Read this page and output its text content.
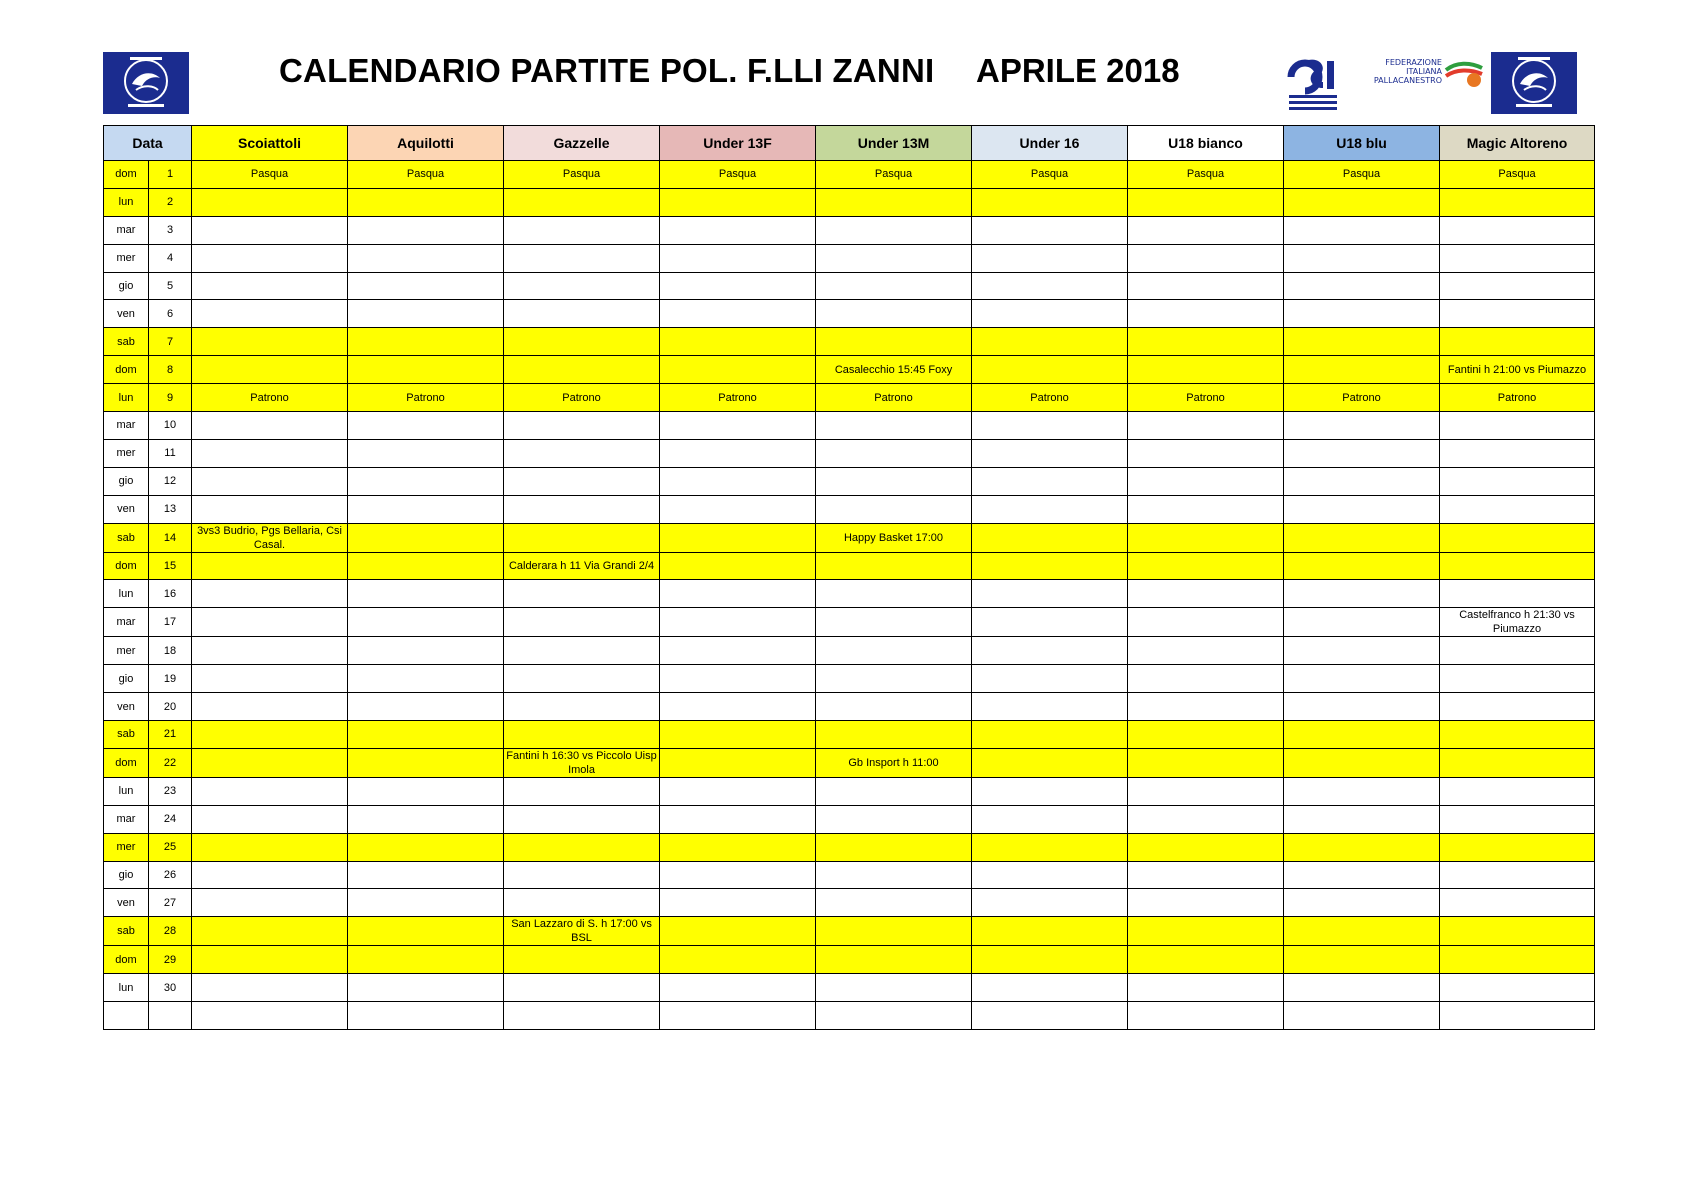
CALENDARIO PARTITE POL. F.LLI ZANNI APRILE 2018	FEDERAZIONE ITALIANA PALLACANESTRO
Data		Scoiattoli	Aquilotti	Gazzelle	Under 13F	Under 13M	Under 16	U18 bianco	U18 blu	Magic Altoreno
dom	1	Pasqua	Pasqua	Pasqua	Pasqua	Pasqua	Pasqua	Pasqua	Pasqua	Pasqua
lun	2									
mar	3									
mer	4									
gio	5									
ven	6									
sab	7									
dom	8					Casalecchio 15:45 Foxy				Fantini h 21:00 vs Piumazzo
lun	9	Patrono	Patrono	Patrono	Patrono	Patrono	Patrono	Patrono	Patrono	Patrono
mar	10									
mer	11									
gio	12									
ven	13									
sab	14	3vs3 Budrio, Pgs Bellaria, Csi Casal.				Happy Basket 17:00				
dom	15			Calderara h 11 Via Grandi 2/4						
lun	16									
mar	17									Castelfranco h 21:30 vs Piumazzo
mer	18									
gio	19									
ven	20									
sab	21									
dom	22			Fantini h 16:30 vs Piccolo Uisp Imola		Gb Insport h 11:00				
lun	23									
mar	24									
mer	25									
gio	26									
ven	27									
sab	28			San Lazzaro di S. h 17:00 vs BSL						
dom	29									
lun	30									
